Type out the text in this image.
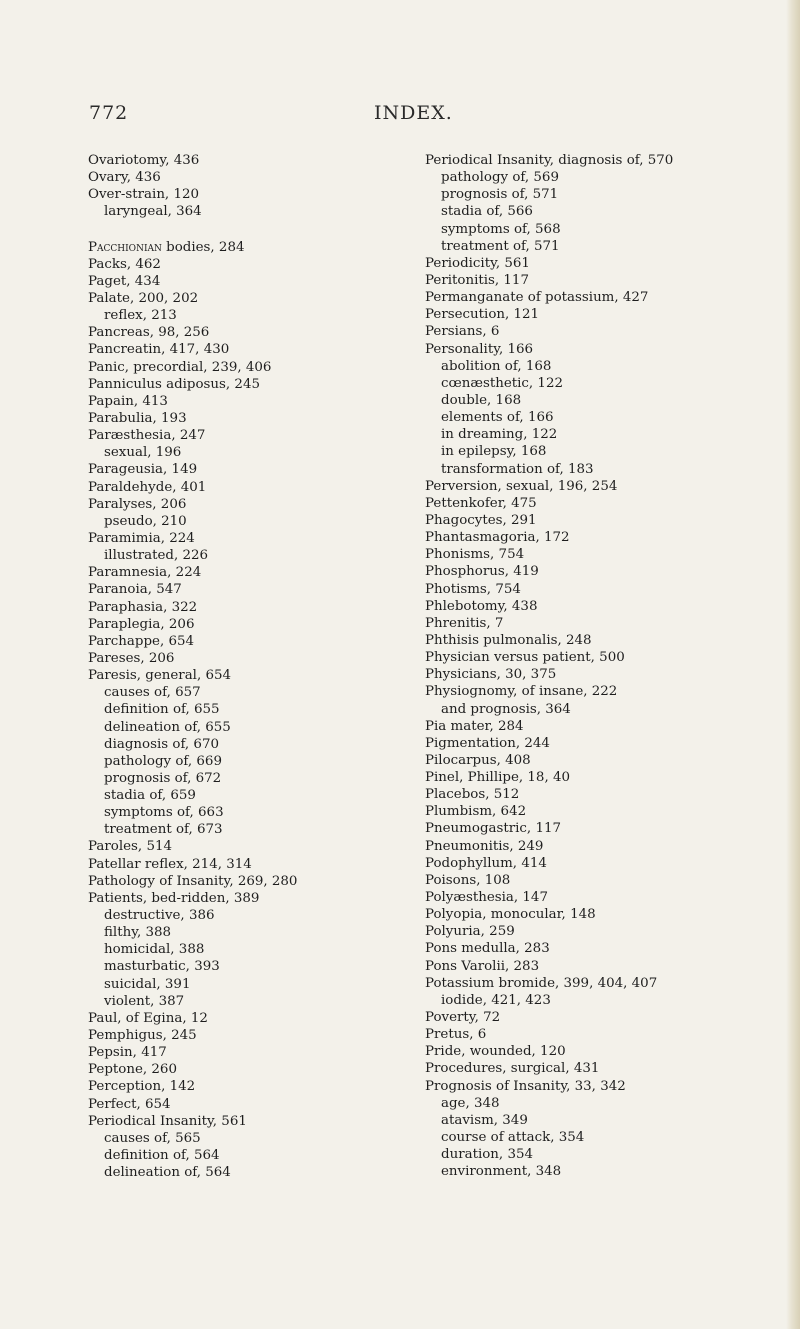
772	INDEX.
Ovariotomy, 436
Ovary, 436
Over-strain, 120
laryngeal, 364
Pacchionian bodies, 284
Packs, 462
Paget, 434
Palate, 200, 202
reflex, 213
Pancreas, 98, 256
Pancreatin, 417, 430
Panic, precordial, 239, 406
Panniculus adiposus, 245
Papain, 413
Parabulia, 193
Paræsthesia, 247
sexual, 196
Parageusia, 149
Paraldehyde, 401
Paralyses, 206
pseudo, 210
Paramimia, 224
illustrated, 226
Paramnesia, 224
Paranoia, 547
Paraphasia, 322
Paraplegia, 206
Parchappe, 654
Pareses, 206
Paresis, general, 654
causes of, 657
definition of, 655
delineation of, 655
diagnosis of, 670
pathology of, 669
prognosis of, 672
stadia of, 659
symptoms of, 663
treatment of, 673
Paroles, 514
Patellar reflex, 214, 314
Pathology of Insanity, 269, 280
Patients, bed-ridden, 389
destructive, 386
filthy, 388
homicidal, 388
masturbatic, 393
suicidal, 391
violent, 387
Paul, of Egina, 12
Pemphigus, 245
Pepsin, 417
Peptone, 260
Perception, 142
Perfect, 654
Periodical Insanity, 561
causes of, 565
definition of, 564
delineation of, 564
Periodical Insanity, diagnosis of, 570
pathology of, 569
prognosis of, 571
stadia of, 566
symptoms of, 568
treatment of, 571
Periodicity, 561
Peritonitis, 117
Permanganate of potassium, 427
Persecution, 121
Persians, 6
Personality, 166
abolition of, 168
cœnæsthetic, 122
double, 168
elements of, 166
in dreaming, 122
in epilepsy, 168
transformation of, 183
Perversion, sexual, 196, 254
Pettenkofer, 475
Phagocytes, 291
Phantasmagoria, 172
Phonisms, 754
Phosphorus, 419
Photisms, 754
Phlebotomy, 438
Phrenitis, 7
Phthisis pulmonalis, 248
Physician versus patient, 500
Physicians, 30, 375
Physiognomy, of insane, 222
and prognosis, 364
Pia mater, 284
Pigmentation, 244
Pilocarpus, 408
Pinel, Phillipe, 18, 40
Placebos, 512
Plumbism, 642
Pneumogastric, 117
Pneumonitis, 249
Podophyllum, 414
Poisons, 108
Polyæsthesia, 147
Polyopia, monocular, 148
Polyuria, 259
Pons medulla, 283
Pons Varolii, 283
Potassium bromide, 399, 404, 407
iodide, 421, 423
Poverty, 72
Pretus, 6
Pride, wounded, 120
Procedures, surgical, 431
Prognosis of Insanity, 33, 342
age, 348
atavism, 349
course of attack, 354
duration, 354
environment, 348
